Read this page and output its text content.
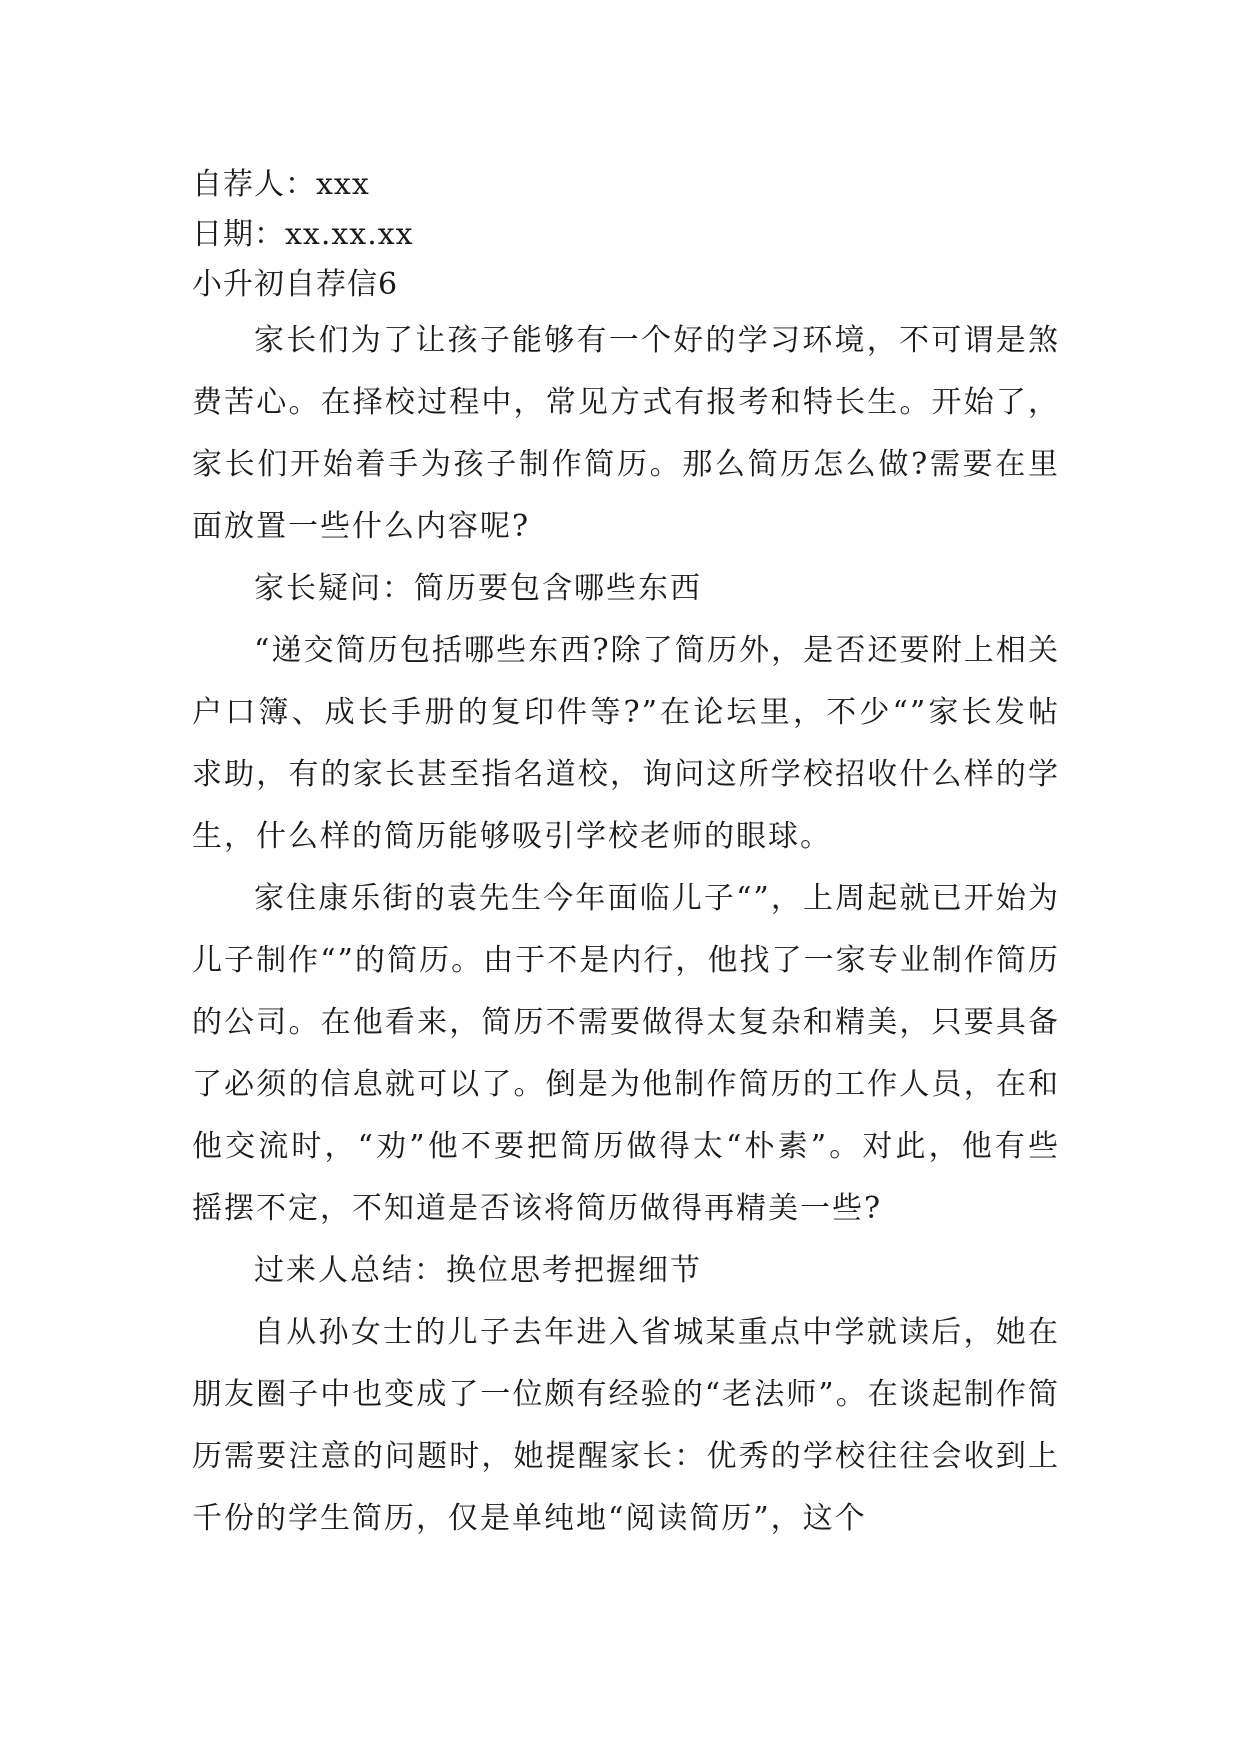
自荐人：xxx
日期：xx.xx.xx
小升初自荐信6

家长们为了让孩子能够有一个好的学习环境，不可谓是煞费苦心。在择校过程中，常见方式有报考和特长生。开始了，家长们开始着手为孩子制作简历。那么简历怎么做?需要在里面放置一些什么内容呢?

家长疑问：简历要包含哪些东西

“递交简历包括哪些东西?除了简历外，是否还要附上相关户口簿、成长手册的复印件等?”在论坛里，不少“”家长发帖求助，有的家长甚至指名道校，询问这所学校招收什么样的学生，什么样的简历能够吸引学校老师的眼球。

家住康乐街的袁先生今年面临儿子“”，上周起就已开始为儿子制作“”的简历。由于不是内行，他找了一家专业制作简历的公司。在他看来，简历不需要做得太复杂和精美，只要具备了必须的信息就可以了。倒是为他制作简历的工作人员，在和他交流时，“劝”他不要把简历做得太“朴素”。对此，他有些摇摆不定，不知道是否该将简历做得再精美一些?

过来人总结：换位思考把握细节

自从孙女士的儿子去年进入省城某重点中学就读后，她在朋友圈子中也变成了一位颇有经验的“老法师”。在谈起制作简历需要注意的问题时，她提醒家长：优秀的学校往往会收到上千份的学生简历，仅是单纯地“阅读简历”，这个
